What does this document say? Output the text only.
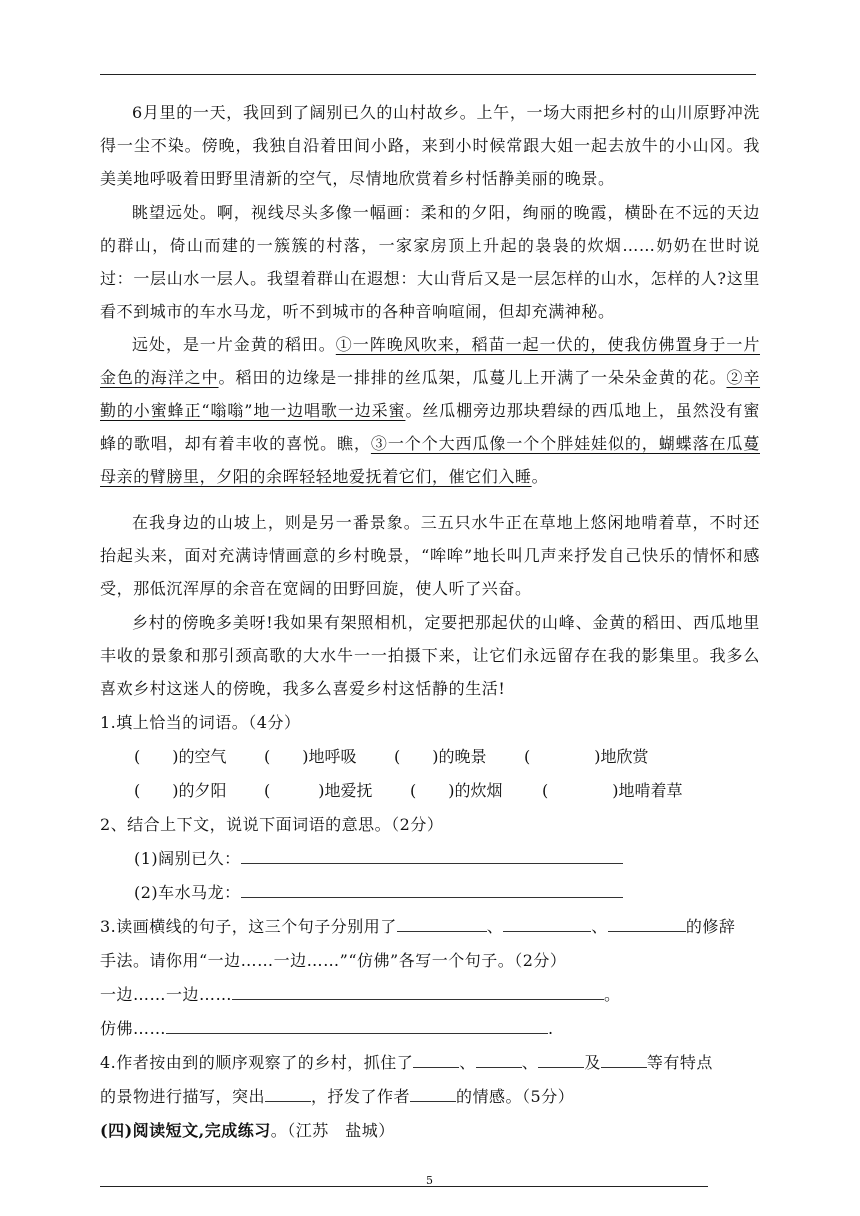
6月里的一天，我回到了阔别已久的山村故乡。上午，一场大雨把乡村的山川原野冲洗得一尘不染。傍晚，我独自沿着田间小路，来到小时候常跟大姐一起去放牛的小山冈。我美美地呼吸着田野里清新的空气，尽情地欣赏着乡村恬静美丽的晚景。

眺望远处。啊，视线尽头多像一幅画：柔和的夕阳，绚丽的晚霞，横卧在不远的天边的群山，倚山而建的一簇簇的村落，一家家房顶上升起的袅袅的炊烟……奶奶在世时说过：一层山水一层人。我望着群山在遐想：大山背后又是一层怎样的山水，怎样的人?这里看不到城市的车水马龙，听不到城市的各种音响喧闹，但却充满神秘。

远处，是一片金黄的稻田。①一阵晚风吹来，稻苗一起一伏的，使我仿佛置身于一片金色的海洋之中。稻田的边缘是一排排的丝瓜架，瓜蔓儿上开满了一朵朵金黄的花。②辛勤的小蜜蜂正“嗡嗡”地一边唱歌一边采蜜。丝瓜棚旁边那块碧绿的西瓜地上，虽然没有蜜蜂的歌唱，却有着丰收的喜悦。瞧，③一个个大西瓜像一个个胖娃娃似的，蝴蝶落在瓜蔓母亲的臂膀里，夕阳的余晖轻轻地爱抚着它们，催它们入睡。

在我身边的山坡上，则是另一番景象。三五只水牛正在草地上悠闲地啃着草，不时还抬起头来，面对充满诗情画意的乡村晚景，“哞哞”地长叫几声来抒发自己快乐的情怀和感受，那低沉浑厚的余音在宽阔的田野回旋，使人听了兴奋。

乡村的傍晚多美呀!我如果有架照相机，定要把那起伏的山峰、金黄的稻田、西瓜地里丰收的景象和那引颈高歌的大水牛一一拍摄下来，让它们永远留存在我的影集里。我多么喜欢乡村这迷人的傍晚，我多么喜爱乡村这恬静的生活!

1.填上恰当的词语。（4分）
(　　)的空气 (　　)地呼吸 (　　)的晚景 (　　　　)地欣赏
(　　)的夕阳 (　　　)地爱抚 (　　)的炊烟 (　　　　)地啃着草
2、结合上下文，说说下面词语的意思。（2分）
(1)阔别已久：
(2)车水马龙：
3.读画横线的句子，这三个句子分别用了	、	、	的修辞
手法。请你用“一边……一边……”“仿佛”各写一个句子。（2分）
一边……一边……	。
仿佛……	.
4.作者按由到的顺序观察了的乡村，抓住了	、	、	及	等有特点
的景物进行描写，突出	，抒发了作者	的情感。（5分）
(四)阅读短文,完成练习。（江苏　盐城）
5
